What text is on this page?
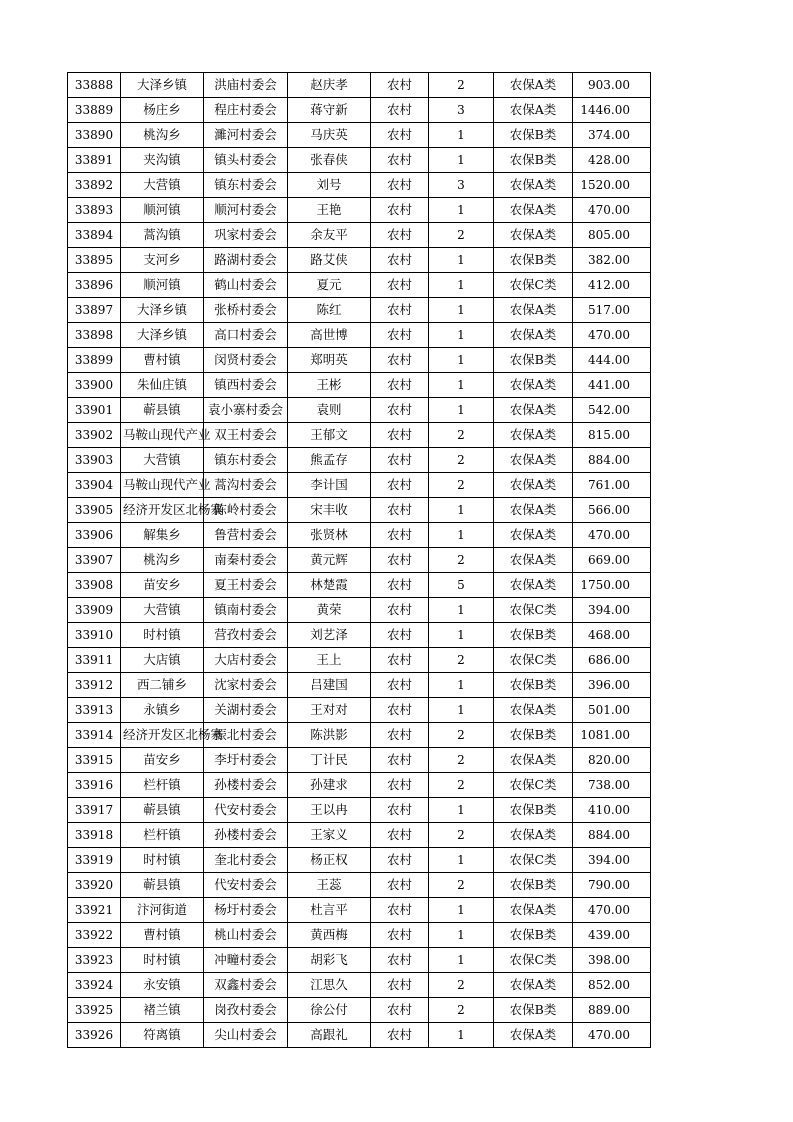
33888	大泽乡镇	洪庙村委会	赵庆孝	农村	2	农保A类	903.00
33889	杨庄乡	程庄村委会	蒋守新	农村	3	农保A类	1446.00
33890	桃沟乡	濉河村委会	马庆英	农村	1	农保B类	374.00
33891	夹沟镇	镇头村委会	张春侠	农村	1	农保B类	428.00
33892	大营镇	镇东村委会	刘号	农村	3	农保A类	1520.00
33893	顺河镇	顺河村委会	王艳	农村	1	农保A类	470.00
33894	蒿沟镇	巩家村委会	余友平	农村	2	农保A类	805.00
33895	支河乡	路湖村委会	路艾侠	农村	1	农保B类	382.00
33896	顺河镇	鹤山村委会	夏元	农村	1	农保C类	412.00
33897	大泽乡镇	张桥村委会	陈红	农村	1	农保A类	517.00
33898	大泽乡镇	高口村委会	高世博	农村	1	农保A类	470.00
33899	曹村镇	闵贤村委会	郑明英	农村	1	农保B类	444.00
33900	朱仙庄镇	镇西村委会	王彬	农村	1	农保A类	441.00
33901	蕲县镇	袁小寨村委会	袁则	农村	1	农保A类	542.00
33902	马鞍山现代产业	双王村委会	王郁文	农村	2	农保A类	815.00
33903	大营镇	镇东村委会	熊孟存	农村	2	农保A类	884.00
33904	马鞍山现代产业	蒿沟村委会	李计国	农村	2	农保A类	761.00
33905	经济开发区北杨寨	陈岭村委会	宋丰收	农村	1	农保A类	566.00
33906	解集乡	鲁营村委会	张贤林	农村	1	农保A类	470.00
33907	桃沟乡	南秦村委会	黄元辉	农村	2	农保A类	669.00
33908	苗安乡	夏王村委会	林楚霞	农村	5	农保A类	1750.00
33909	大营镇	镇南村委会	黄荣	农村	1	农保C类	394.00
33910	时村镇	营孜村委会	刘艺泽	农村	1	农保B类	468.00
33911	大店镇	大店村委会	王上	农村	2	农保C类	686.00
33912	西二铺乡	沈家村委会	吕建国	农村	1	农保B类	396.00
33913	永镇乡	关湖村委会	王对对	农村	1	农保A类	501.00
33914	经济开发区北杨寨	振北村委会	陈洪影	农村	2	农保B类	1081.00
33915	苗安乡	李圩村委会	丁计民	农村	2	农保A类	820.00
33916	栏杆镇	孙楼村委会	孙建求	农村	2	农保C类	738.00
33917	蕲县镇	代安村委会	王以冉	农村	1	农保B类	410.00
33918	栏杆镇	孙楼村委会	王家义	农村	2	农保A类	884.00
33919	时村镇	奎北村委会	杨正权	农村	1	农保C类	394.00
33920	蕲县镇	代安村委会	王蕊	农村	2	农保B类	790.00
33921	汴河街道	杨圩村委会	杜言平	农村	1	农保A类	470.00
33922	曹村镇	桃山村委会	黄西梅	农村	1	农保B类	439.00
33923	时村镇	冲疃村委会	胡彩飞	农村	1	农保C类	398.00
33924	永安镇	双鑫村委会	江思久	农村	2	农保A类	852.00
33925	褚兰镇	岗孜村委会	徐公付	农村	2	农保B类	889.00
33926	符离镇	尖山村委会	高跟礼	农村	1	农保A类	470.00
